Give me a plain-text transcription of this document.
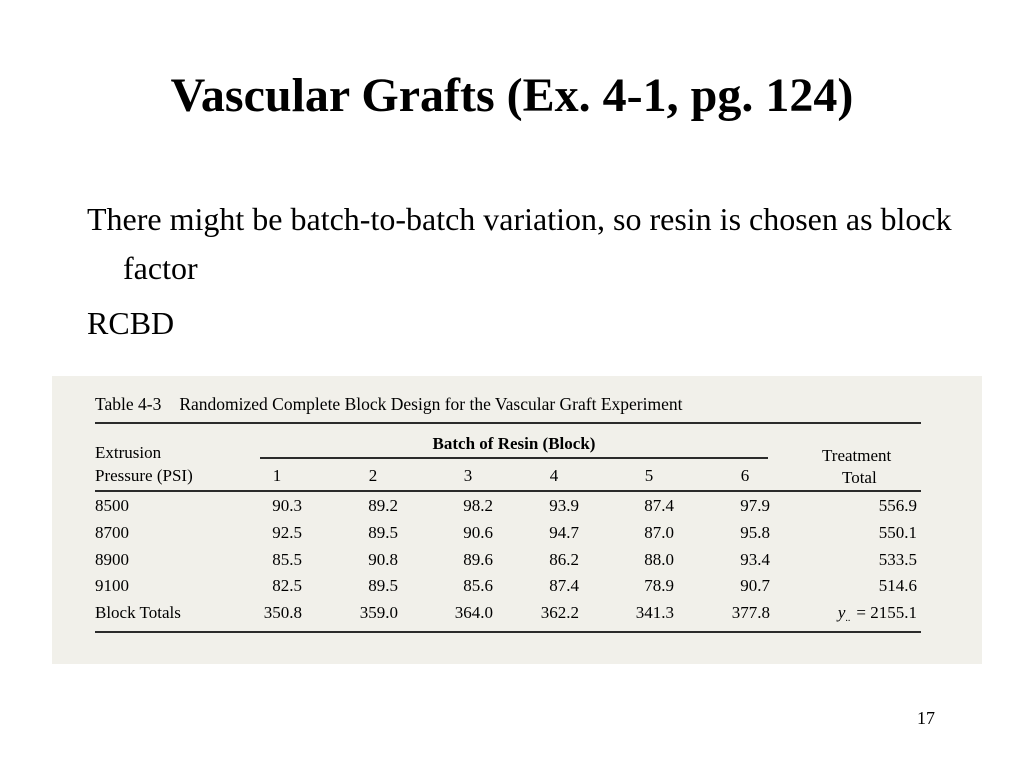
Vascular Grafts (Ex. 4-1, pg. 124)

There might be batch-to-batch variation, so resin is chosen as block factor

RCBD

Table 4-3 Randomized Complete Block Design for the Vascular Graft Experiment
Extrusion
Pressure (PSI)
Batch of Resin (Block)
Treatment
Total
1	2	3	4	5	6
8500	90.3	89.2	98.2	93.9	87.4	97.9	556.9
8700	92.5	89.5	90.6	94.7	87.0	95.8	550.1
8900	85.5	90.8	89.6	86.2	88.0	93.4	533.5
9100	82.5	89.5	85.6	87.4	78.9	90.7	514.6
Block Totals	350.8	359.0	364.0	362.2	341.3	377.8	$y_{..} = 2155.1$
17
